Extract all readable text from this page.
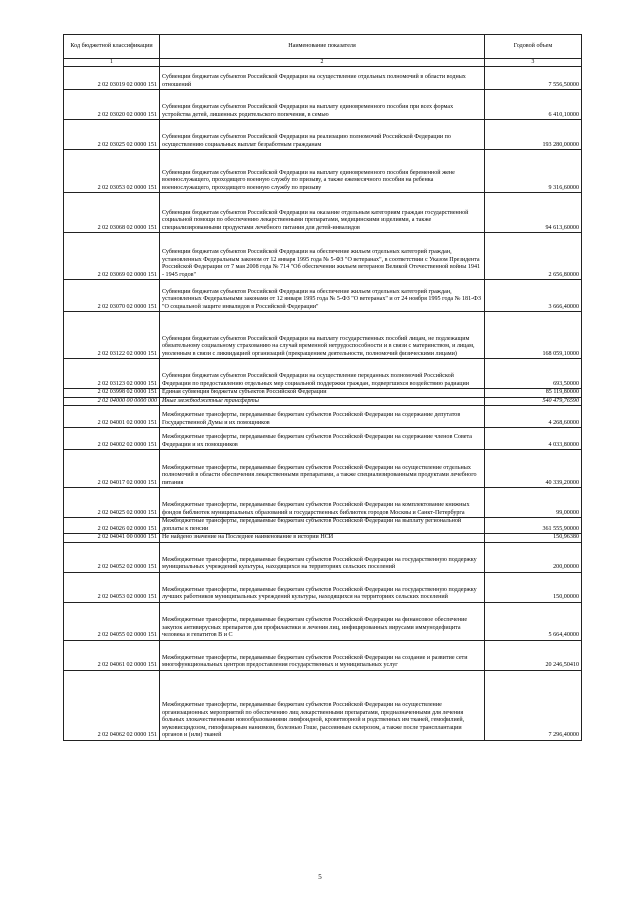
Код бюджетной классификации	Наименование показателя	Годовой объем
1	2	3
2 02 03019 02 0000 151	Субвенции бюджетам субъектов Российской Федерации на осуществление отдельных полномочий в области водных отношений	7 556,50000
2 02 03020 02 0000 151	Субвенции бюджетам субъектов Российской Федерации на выплату единовременного пособия при всех формах устройства детей, лишенных родительского попечения, в семью	6 410,10000
2 02 03025 02 0000 151	Субвенции бюджетам субъектов Российской Федерации на реализацию полномочий Российской Федерации по осуществлению социальных выплат безработным гражданам	193 280,00000
2 02 03053 02 0000 151	Субвенции бюджетам субъектов Российской Федерации на выплату единовременного пособия беременной жене военнослужащего, проходящего военную службу по призыву, а также ежемесячного пособия на ребенка военнослужащего, проходящего военную службу по призыву	9 316,60000
2 02 03068 02 0000 151	Субвенции бюджетам субъектов Российской Федерации на оказание отдельным категориям граждан государственной социальной помощи по обеспечению лекарственными препаратами, медицинскими изделиями, а также специализированными продуктами лечебного питания для детей-инвалидов	94 613,60000
2 02 03069 02 0000 151	Субвенции бюджетам субъектов Российской Федерации на обеспечение жильем отдельных категорий граждан, установленных Федеральным законом от 12 января 1995 года № 5-ФЗ "О ветеранах", в соответствии с Указом Президента Российской Федерации от 7 мая 2008 года № 714 "Об обеспечении жильем ветеранов Великой Отечественной войны 1941 - 1945 годов"	2 656,80000
2 02 03070 02 0000 151	Субвенции бюджетам субъектов Российской Федерации на обеспечение жильем отдельных категорий граждан, установленных Федеральными законами от 12 января 1995 года № 5-ФЗ "О ветеранах" и от 24 ноября 1995 года № 181-ФЗ "О социальной защите инвалидов в Российской Федерации"	3 666,40000
2 02 03122 02 0000 151	Субвенции бюджетам субъектов Российской Федерации на выплату государственных пособий лицам, не подлежащим обязательному социальному страхованию на случай временной нетрудоспособности и в связи с материнством, и лицам, уволенным в связи с ликвидацией организаций (прекращением деятельности, полномочий физическими лицами)	168 059,10000
2 02 03123 02 0000 151	Субвенции бюджетам субъектов Российской Федерации на осуществление переданных полномочий Российской Федерации по предоставлению отдельных мер социальной поддержки граждан, подвергшихся воздействию радиации	693,50000
2 02 03998 02 0000 151	Единая субвенция бюджетам субъектов Российской Федерации	85 119,80000
2 02 04000 00 0000 000	Иные межбюджетные трансферты	540 479,76590
2 02 04001 02 0000 151	Межбюджетные трансферты, передаваемые бюджетам субъектов Российской Федерации на содержание депутатов Государственной Думы и их помощников	4 268,60000
2 02 04002 02 0000 151	Межбюджетные трансферты, передаваемые бюджетам субъектов Российской Федерации на содержание членов Совета Федерации и их помощников	4 033,80000
2 02 04017 02 0000 151	Межбюджетные трансферты, передаваемые бюджетам субъектов Российской Федерации на осуществление отдельных полномочий в области обеспечения лекарственными препаратами, а также специализированными продуктами лечебного питания	40 339,20000
2 02 04025 02 0000 151	Межбюджетные трансферты, передаваемые бюджетам субъектов Российской Федерации на комплектование книжных фондов библиотек муниципальных образований и государственных библиотек городов Москвы и Санкт-Петербурга	99,00000
2 02 04026 02 0000 151	Межбюджетные трансферты, передаваемые бюджетам субъектов Российской Федерации на выплату региональной доплаты к пенсии	361 555,90000
2 02 04041 00 0000 151	Не найдено значение на Последнее наименование в истории НСИ	150,96380
2 02 04052 02 0000 151	Межбюджетные трансферты, передаваемые бюджетам субъектов Российской Федерации на государственную поддержку муниципальных учреждений культуры, находящихся на территориях сельских поселений	200,00000
2 02 04053 02 0000 151	Межбюджетные трансферты, передаваемые бюджетам субъектов Российской Федерации на государственную поддержку лучших работников муниципальных учреждений культуры, находящихся на территориях сельских поселений	150,00000
2 02 04055 02 0000 151	Межбюджетные трансферты, передаваемые бюджетам субъектов Российской Федерации на финансовое обеспечение закупок антивирусных препаратов для профилактики и лечения лиц, инфицированных вирусами иммунодефицита человека и гепатитов В и С	5 664,40000
2 02 04061 02 0000 151	Межбюджетные трансферты, передаваемые бюджетам субъектов Российской Федерации на создание и развитие сети многофункциональных центров предоставления государственных и муниципальных услуг	20 246,50410
2 02 04062 02 0000 151	Межбюджетные трансферты, передаваемые бюджетам субъектов Российской Федерации на осуществление организационных мероприятий по обеспечению лиц лекарственными препаратами, предназначенными для лечения больных злокачественными новообразованиями лимфоидной, кроветворной и родственных им тканей, гемофилией, муковисцидозом, гипофизарным нанизмом, болезнью Гоше, рассеянным склерозом, а также после трансплантации органов и (или) тканей	7 296,40000
5
